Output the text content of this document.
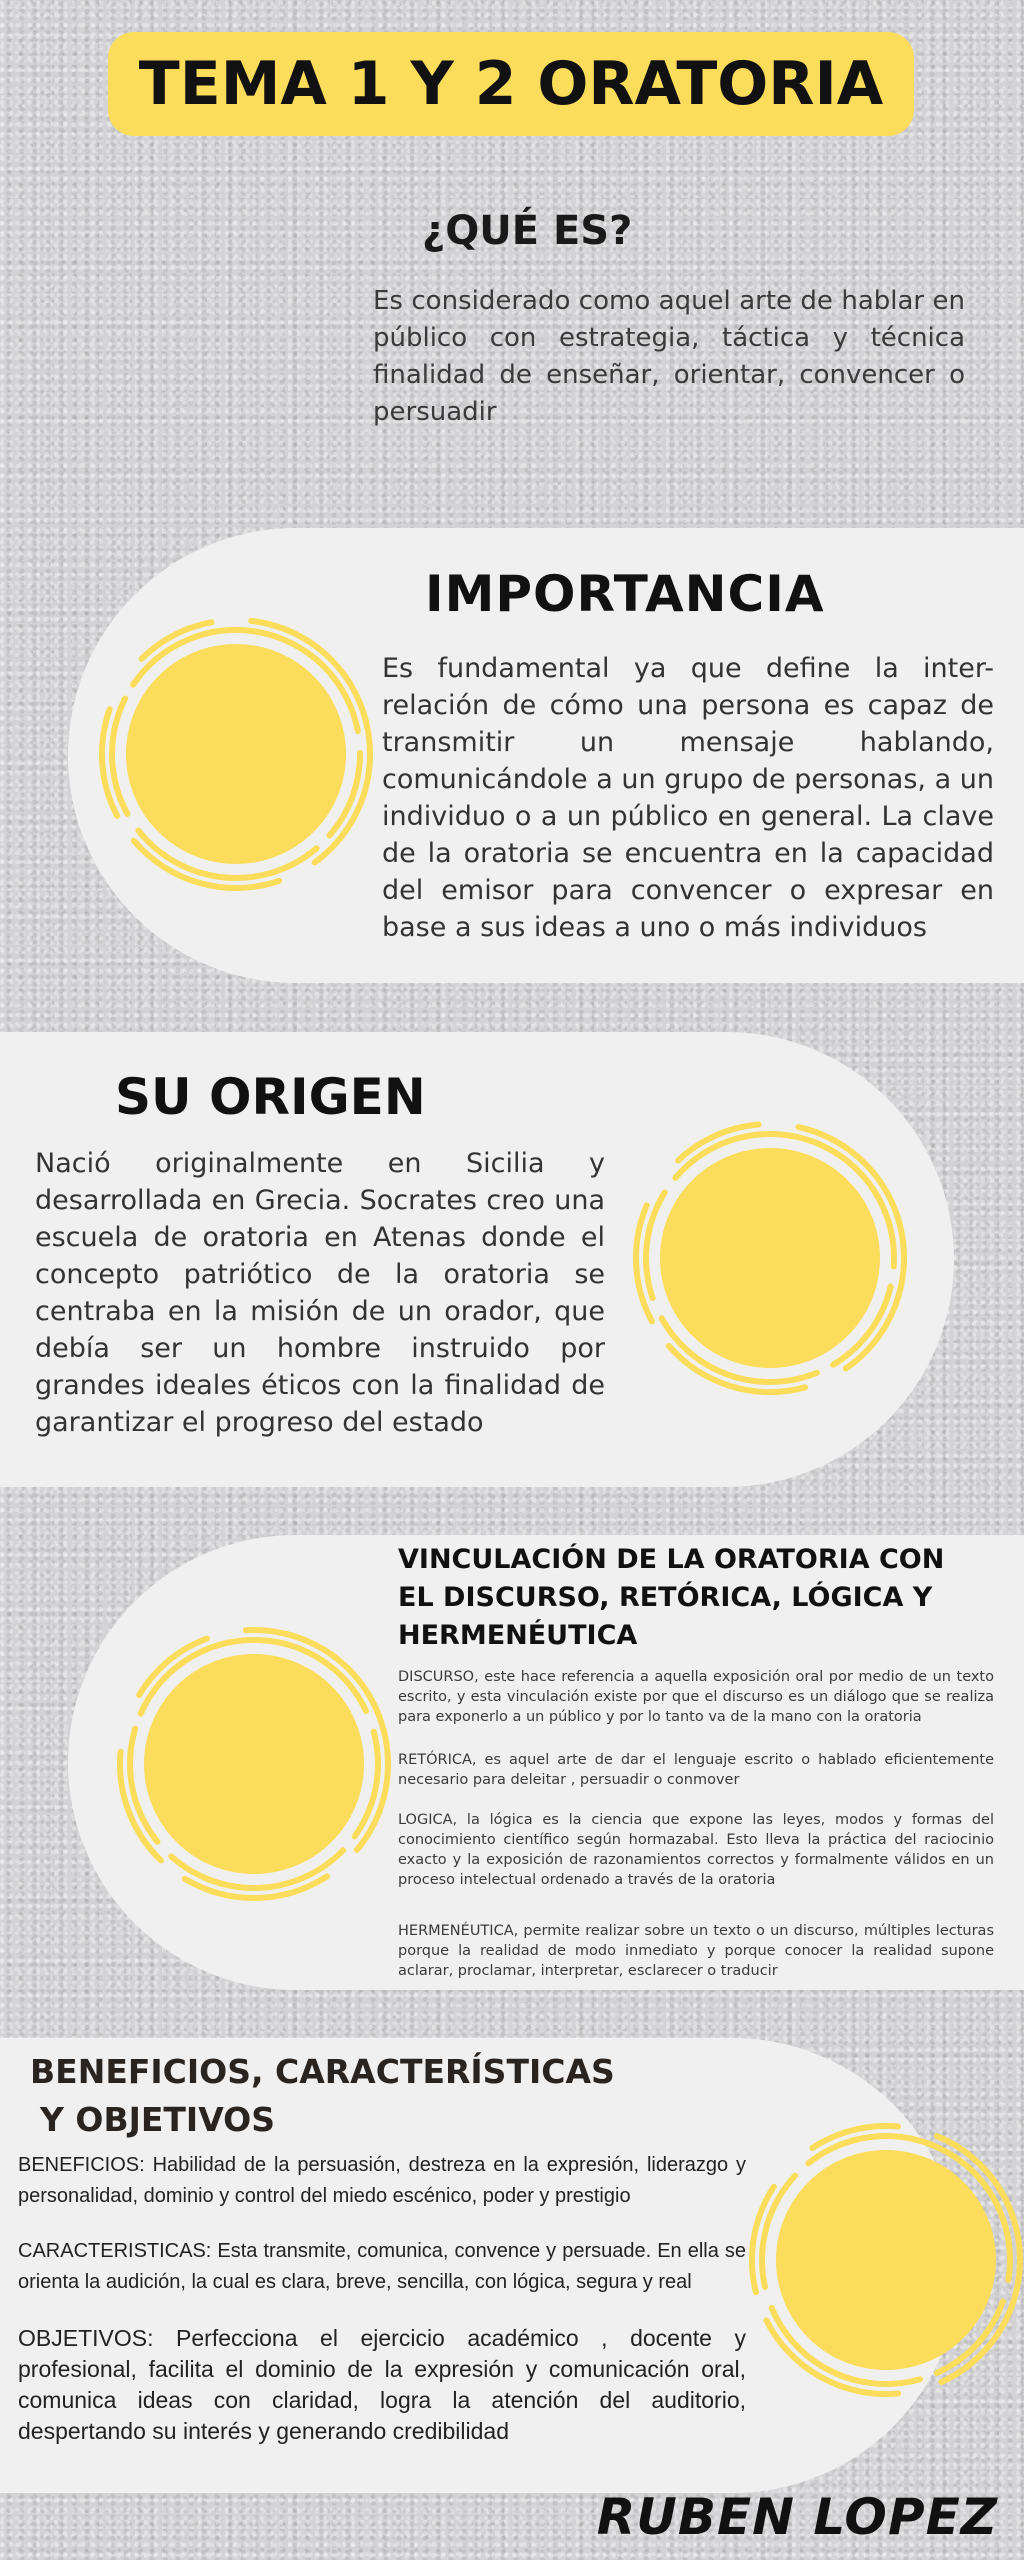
TEMA 1 Y 2 ORATORIA
¿QUÉ ES?
Es considerado como aquel arte de hablar en público con estrategia, táctica y técnica finalidad de enseñar, orientar, convencer o persuadir
IMPORTANCIA
Es fundamental ya que define la inter-relación de cómo una persona es capaz de transmitir un mensaje hablando, comunicándole a un grupo de personas, a un individuo o a un público en general. La clave de la oratoria se encuentra en la capacidad del emisor para convencer o expresar en base a sus ideas a uno o más individuos
SU ORIGEN
Nació originalmente en Sicilia y desarrollada en Grecia. Socrates creo una escuela de oratoria en Atenas donde el concepto patriótico de la oratoria se centraba en la misión de un orador, que debía ser un hombre instruido por grandes ideales éticos con la finalidad de garantizar el progreso del estado
VINCULACIÓN DE LA ORATORIA CON EL DISCURSO, RETÓRICA, LÓGICA Y HERMENÉUTICA
DISCURSO, este hace referencia a aquella exposición oral por medio de un texto escrito, y esta vinculación existe por que el discurso es un diálogo que se realiza para exponerlo a un público y por lo tanto va de la mano con la oratoria
RETÓRICA, es aquel arte de dar el lenguaje escrito o hablado eficientemente necesario para deleitar , persuadir o conmover
LOGICA, la lógica es la ciencia que expone las leyes, modos y formas del conocimiento científico según hormazabal. Esto lleva la práctica del raciocinio exacto y la exposición de razonamientos correctos y formalmente válidos en un proceso intelectual ordenado a través de la oratoria
HERMENÉUTICA, permite realizar sobre un texto o un discurso, múltiples lecturas porque la realidad de modo inmediato y porque conocer la realidad supone aclarar, proclamar, interpretar, esclarecer o traducir
BENEFICIOS, CARACTERÍSTICAS
Y OBJETIVOS
BENEFICIOS: Habilidad de la persuasión, destreza en la expresión, liderazgo y personalidad, dominio y control del miedo escénico, poder y prestigio
CARACTERISTICAS: Esta transmite, comunica, convence y persuade. En ella se orienta la audición, la cual es clara, breve, sencilla, con lógica, segura y real
OBJETIVOS: Perfecciona el ejercicio académico , docente y profesional, facilita el dominio de la expresión y comunicación oral, comunica ideas con claridad, logra la atención del auditorio, despertando su interés y generando credibilidad
RUBEN LOPEZ
